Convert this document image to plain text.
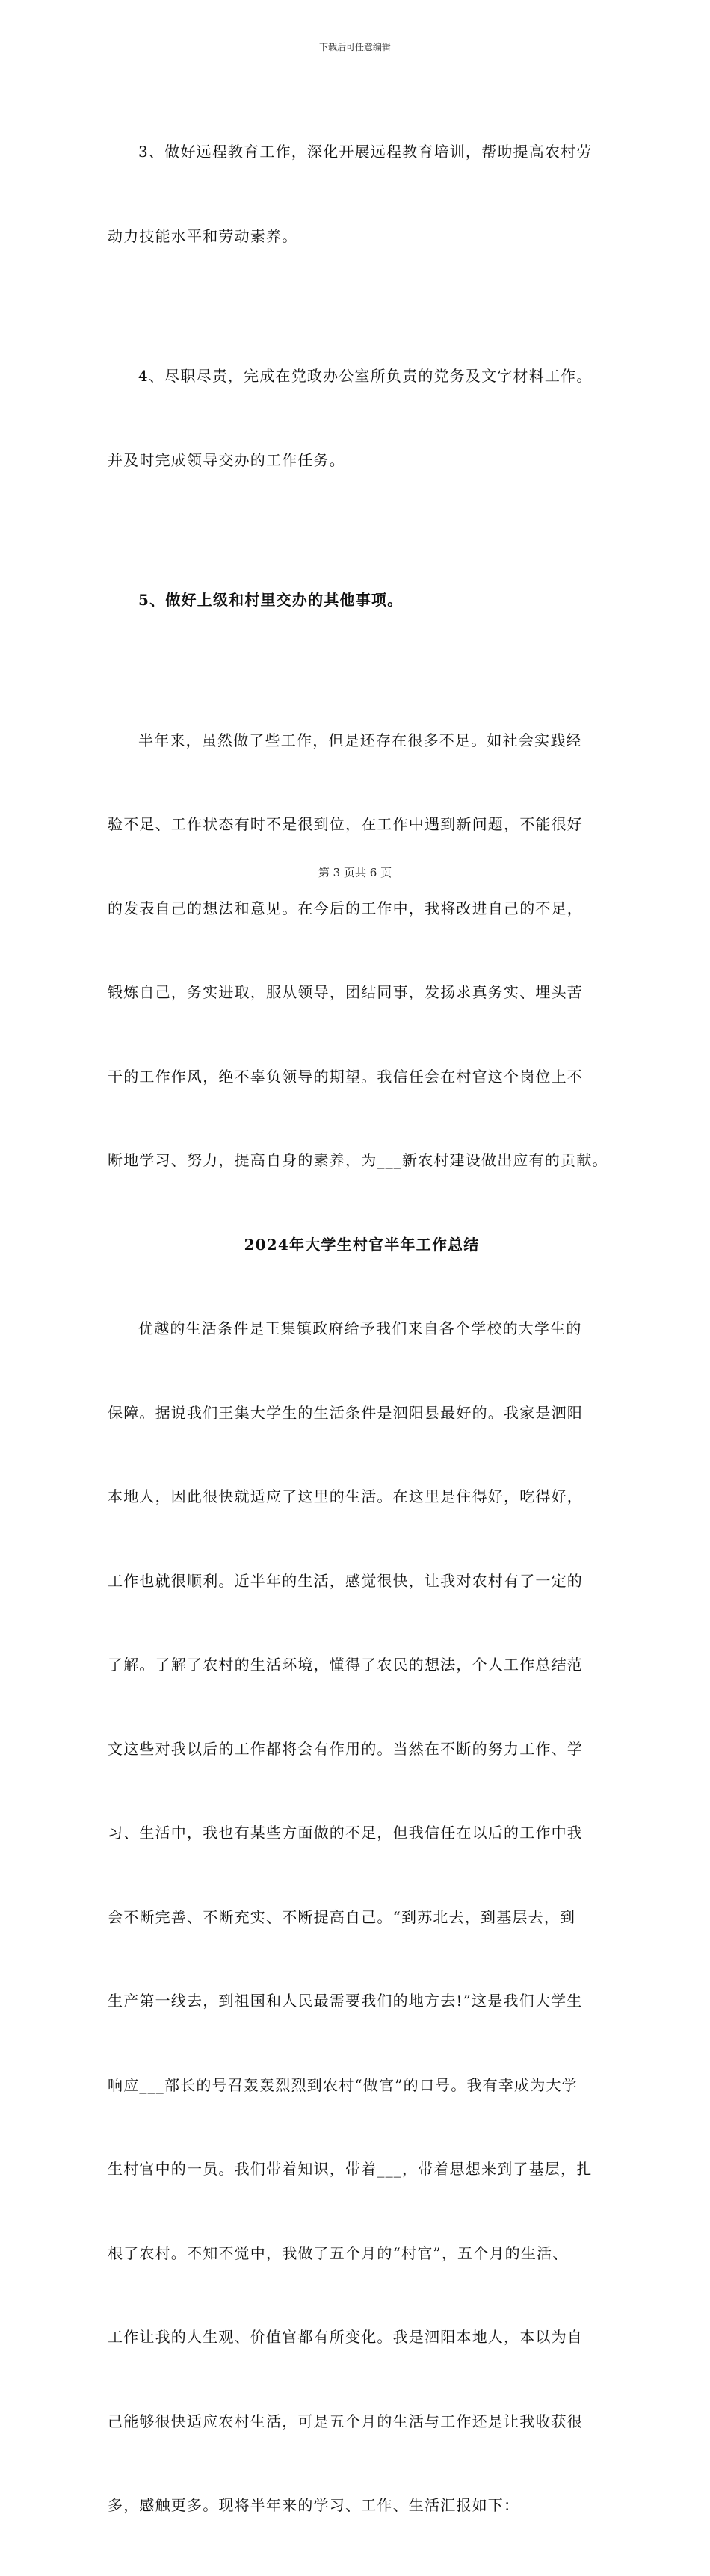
下载后可任意编辑

3、做好远程教育工作，深化开展远程教育培训，帮助提高农村劳

动力技能水平和劳动素养。

4、尽职尽责，完成在党政办公室所负责的党务及文字材料工作。

并及时完成领导交办的工作任务。

5、做好上级和村里交办的其他事项。

半年来，虽然做了些工作，但是还存在很多不足。如社会实践经

验不足、工作状态有时不是很到位，在工作中遇到新问题，不能很好

的发表自己的想法和意见。在今后的工作中，我将改进自己的不足，

锻炼自己，务实进取，服从领导，团结同事，发扬求真务实、埋头苦

干的工作作风，绝不辜负领导的期望。我信任会在村官这个岗位上不

断地学习、努力，提高自身的素养，为___新农村建设做出应有的贡献。

2024年大学生村官半年工作总结

优越的生活条件是王集镇政府给予我们来自各个学校的大学生的

保障。据说我们王集大学生的生活条件是泗阳县最好的。我家是泗阳

本地人，因此很快就适应了这里的生活。在这里是住得好，吃得好，

工作也就很顺利。近半年的生活，感觉很快，让我对农村有了一定的

了解。了解了农村的生活环境，懂得了农民的想法，个人工作总结范

文这些对我以后的工作都将会有作用的。当然在不断的努力工作、学

习、生活中，我也有某些方面做的不足，但我信任在以后的工作中我

会不断完善、不断充实、不断提高自己。“到苏北去，到基层去，到

生产第一线去，到祖国和人民最需要我们的地方去!”这是我们大学生

响应___部长的号召轰轰烈烈到农村“做官”的口号。我有幸成为大学

生村官中的一员。我们带着知识，带着___，带着思想来到了基层，扎

根了农村。不知不觉中，我做了五个月的“村官”，五个月的生活、

工作让我的人生观、价值官都有所变化。我是泗阳本地人，本以为自

己能够很快适应农村生活，可是五个月的生活与工作还是让我收获很

多，感触更多。现将半年来的学习、工作、生活汇报如下：

第 3 页共 6 页
